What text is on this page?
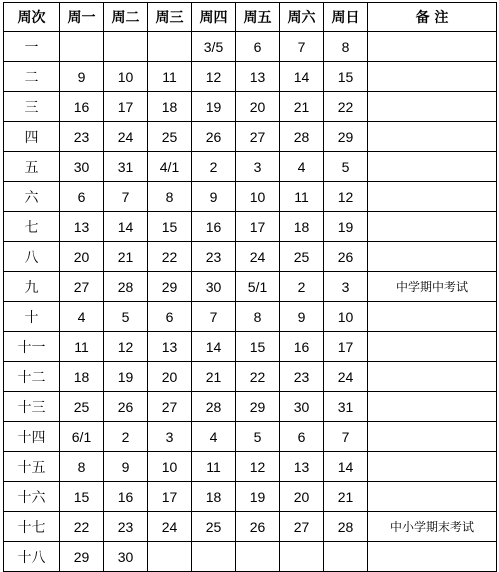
周次	周一	周二	周三	周四	周五	周六	周日	备 注
一				3/5	6	7	8	
二	9	10	11	12	13	14	15	
三	16	17	18	19	20	21	22	
四	23	24	25	26	27	28	29	
五	30	31	4/1	2	3	4	5	
六	6	7	8	9	10	11	12	
七	13	14	15	16	17	18	19	
八	20	21	22	23	24	25	26	
九	27	28	29	30	5/1	2	3	中学期中考试
十	4	5	6	7	8	9	10	
十一	11	12	13	14	15	16	17	
十二	18	19	20	21	22	23	24	
十三	25	26	27	28	29	30	31	
十四	6/1	2	3	4	5	6	7	
十五	8	9	10	11	12	13	14	
十六	15	16	17	18	19	20	21	
十七	22	23	24	25	26	27	28	中小学期末考试
十八	29	30						
